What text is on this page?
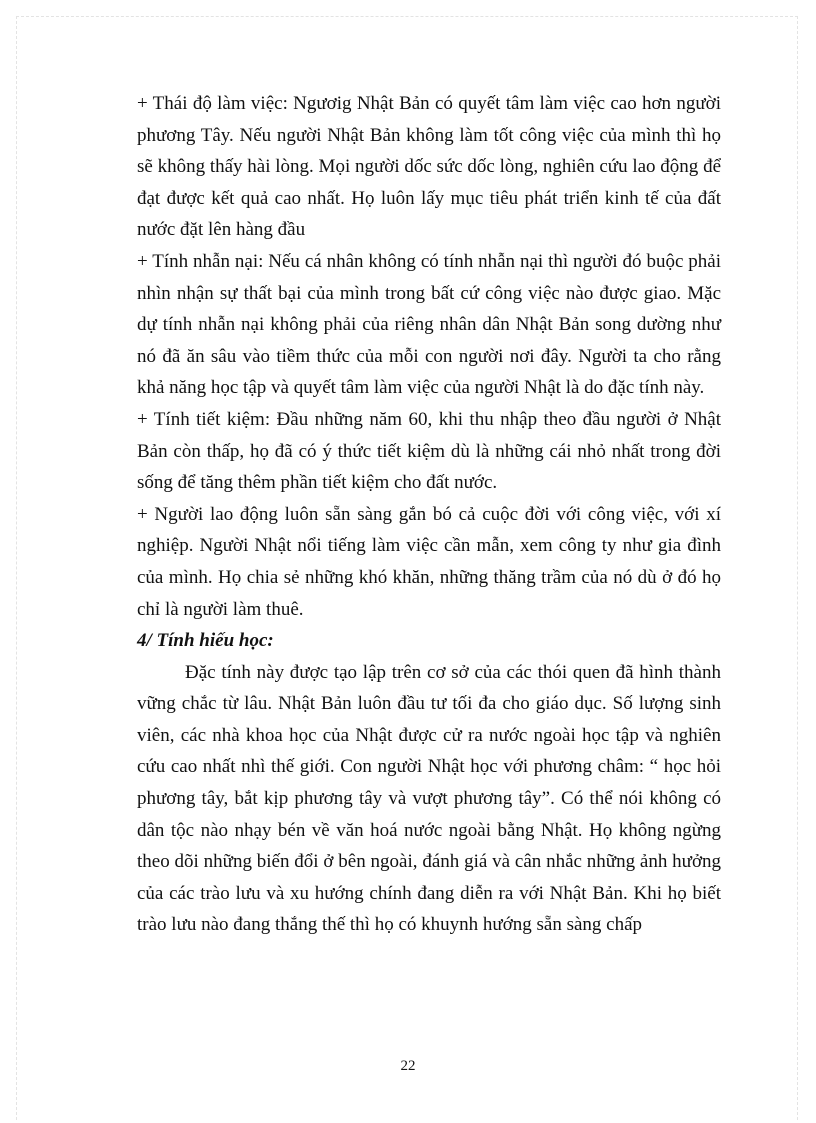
+ Thái độ làm việc: Ngươig Nhật Bản có quyết tâm làm việc cao hơn người phương Tây. Nếu người Nhật Bản không làm tốt công việc của mình thì họ sẽ không thấy hài lòng. Mọi người dốc sức dốc lòng, nghiên cứu lao động để đạt được kết quả cao nhất. Họ luôn lấy mục tiêu phát triển kinh tế của đất nước đặt lên hàng đầu

+ Tính nhẫn nại: Nếu cá nhân không có tính nhẫn nại thì người đó buộc phải nhìn nhận sự thất bại của mình trong bất cứ công việc nào được giao. Mặc dự tính nhẫn nại không phải của riêng nhân dân Nhật Bản song dường như nó đã ăn sâu vào tiềm thức của mỗi con người nơi đây. Người ta cho rằng khả năng học tập và quyết tâm làm việc của người Nhật là do đặc tính này.

+ Tính tiết kiệm: Đầu những năm 60, khi thu nhập theo đầu người ở Nhật Bản còn thấp, họ đã có ý thức tiết kiệm dù là những cái nhỏ nhất trong đời sống để tăng thêm phần tiết kiệm cho đất nước.

+ Người lao động luôn sẵn sàng gắn bó cả cuộc đời với công việc, với xí nghiệp. Người Nhật nổi tiếng làm việc cần mẫn, xem công ty như gia đình của mình. Họ chia sẻ những khó khăn, những thăng trầm của nó dù ở đó họ chỉ là người làm thuê.

4/ Tính hiếu học:

Đặc tính này được tạo lập trên cơ sở của các thói quen đã hình thành vững chắc từ lâu. Nhật Bản luôn đầu tư tối đa cho giáo dục. Số lượng sinh viên, các nhà khoa học của Nhật được cử ra nước ngoài học tập và nghiên cứu cao nhất nhì thế giới. Con người Nhật học với phương châm: “ học hỏi phương tây, bắt kịp phương tây và vượt phương tây”. Có thể nói không có dân tộc nào nhạy bén về văn hoá nước ngoài bằng Nhật. Họ không ngừng theo dõi những biến đổi ở bên ngoài, đánh giá và cân nhắc những ảnh hưởng của các trào lưu và xu hướng chính đang diễn ra với Nhật Bản. Khi họ biết trào lưu nào đang thắng thế thì họ có khuynh hướng sẵn sàng chấp

22
